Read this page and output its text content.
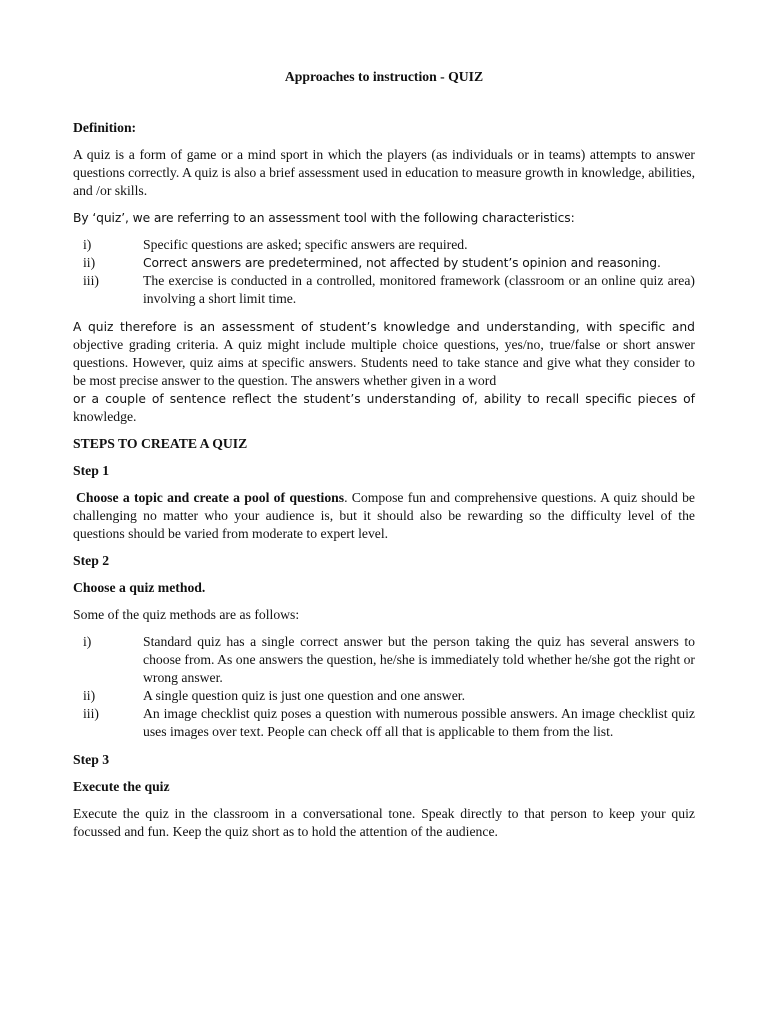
Approaches to instruction - QUIZ
Definition:
A quiz is a form of game or a mind sport in which the players (as individuals or in teams) attempts to answer questions correctly. A quiz is also a brief assessment used in education to measure growth in knowledge, abilities, and /or skills.
By ‘quiz’, we are referring to an assessment tool with the following characteristics:
i)	Specific questions are asked; specific answers are required.
ii)	Correct answers are predetermined, not affected by student’s opinion and reasoning.
iii)	The exercise is conducted in a controlled, monitored framework (classroom or an online quiz area) involving a short limit time.
A quiz therefore is an assessment of student’s knowledge and understanding, with specific and
objective grading criteria. A quiz might include multiple choice questions, yes/no, true/false or short answer questions. However, quiz aims at specific answers. Students need to take stance and give what they consider to be most precise answer to the question. The answers whether given in a word
or a couple of sentence reflect the student’s understanding of, ability to recall specific pieces of
knowledge.
STEPS TO CREATE A QUIZ
Step 1
Choose a topic and create a pool of questions. Compose fun and comprehensive questions. A quiz should be challenging no matter who your audience is, but it should also be rewarding so the difficulty level of the questions should be varied from moderate to expert level.
Step 2
Choose a quiz method.
Some of the quiz methods are as follows:
i)	Standard quiz has a single correct answer but the person taking the quiz has several answers to choose from. As one answers the question, he/she is immediately told whether he/she got the right or wrong answer.
ii)	A single question quiz is just one question and one answer.
iii)	An image checklist quiz poses a question with numerous possible answers. An image checklist quiz uses images over text. People can check off all that is applicable to them from the list.
Step 3
Execute the quiz
Execute the quiz in the classroom in a conversational tone. Speak directly to that person to keep your quiz focussed and fun. Keep the quiz short as to hold the attention of the audience.
